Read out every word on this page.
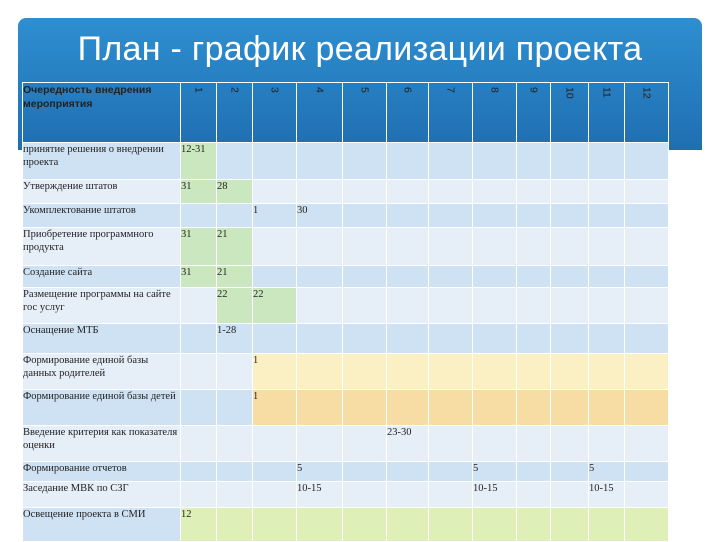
План - график реализации проекта
Очередность внедрения мероприятия	1	2	3	4	5	6	7	8	9	10	11	12

принятие решения о внедрении проекта	12-31											
Утверждение штатов	31	28										
Укомплектование штатов			1	30								
Приобретение программного продукта	31	21										
Создание сайта	31	21										
Размещение программы на сайте гос услуг		22	22									
Оснащение МТБ		1-28										
Формирование единой базы данных родителей			1									
Формирование единой базы детей			1									
Введение критерия как показателя оценки						23-30						
Формирование отчетов				5				5			5	
Заседание МВК по СЗГ				10-15				10-15			10-15	
Освещение проекта в СМИ	12											
